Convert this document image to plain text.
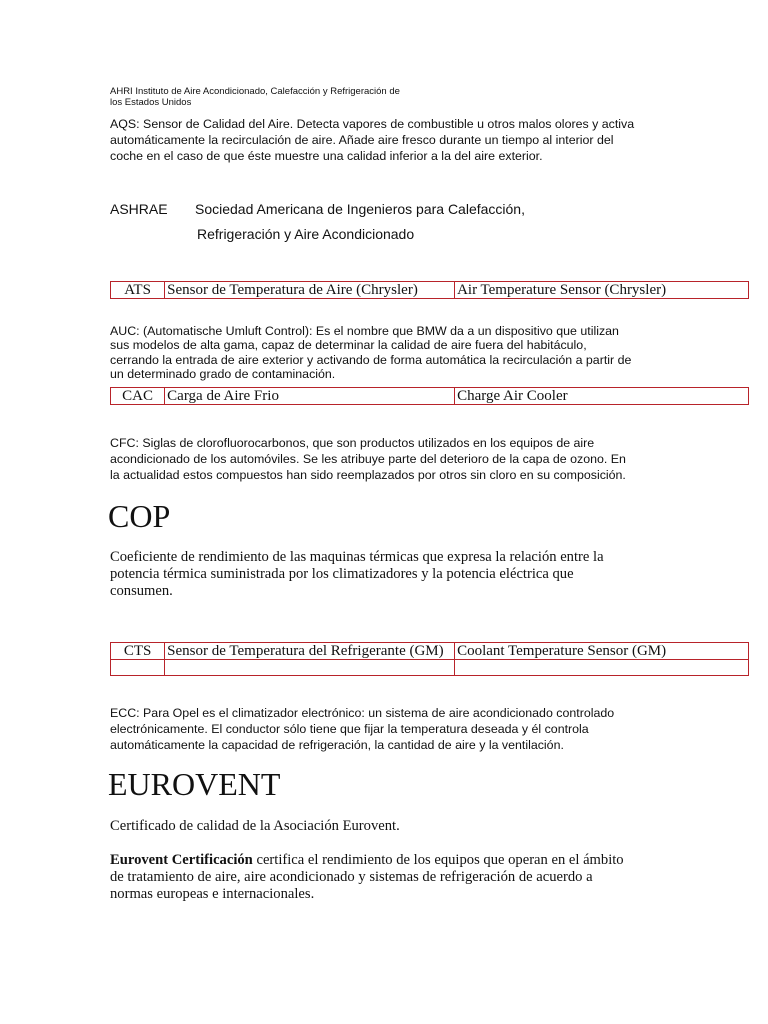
AHRI Instituto de Aire Acondicionado, Calefacción y Refrigeración de
los Estados Unidos
AQS: Sensor de Calidad del Aire. Detecta vapores de combustible u otros malos olores y activa
automáticamente la recirculación de aire. Añade aire fresco durante un tiempo al interior del
coche en el caso de que éste muestre una calidad inferior a la del aire exterior.
ASHRAE Sociedad Americana de Ingenieros para Calefacción,
Refrigeración y Aire Acondicionado
ATS	Sensor de Temperatura de Aire (Chrysler)	Air Temperature Sensor (Chrysler)
AUC: (Automatische Umluft Control): Es el nombre que BMW da a un dispositivo que utilizan
sus modelos de alta gama, capaz de determinar la calidad de aire fuera del habitáculo,
cerrando la entrada de aire exterior y activando de forma automática la recirculación a partir de
un determinado grado de contaminación.
CAC	Carga de Aire Frio	Charge Air Cooler
CFC: Siglas de clorofluorocarbonos, que son productos utilizados en los equipos de aire
acondicionado de los automóviles. Se les atribuye parte del deterioro de la capa de ozono. En
la actualidad estos compuestos han sido reemplazados por otros sin cloro en su composición.
COP
Coeficiente de rendimiento de las maquinas térmicas que expresa la relación entre la
potencia térmica suministrada por los climatizadores y la potencia eléctrica que
consumen.
CTS	Sensor de Temperatura del Refrigerante (GM)	Coolant Temperature Sensor (GM)

ECC: Para Opel es el climatizador electrónico: un sistema de aire acondicionado controlado
electrónicamente. El conductor sólo tiene que fijar la temperatura deseada y él controla
automáticamente la capacidad de refrigeración, la cantidad de aire y la ventilación.
EUROVENT
Certificado de calidad de la Asociación Eurovent.
Eurovent Certificación certifica el rendimiento de los equipos que operan en el ámbito
de tratamiento de aire, aire acondicionado y sistemas de refrigeración de acuerdo a
normas europeas e internacionales.
